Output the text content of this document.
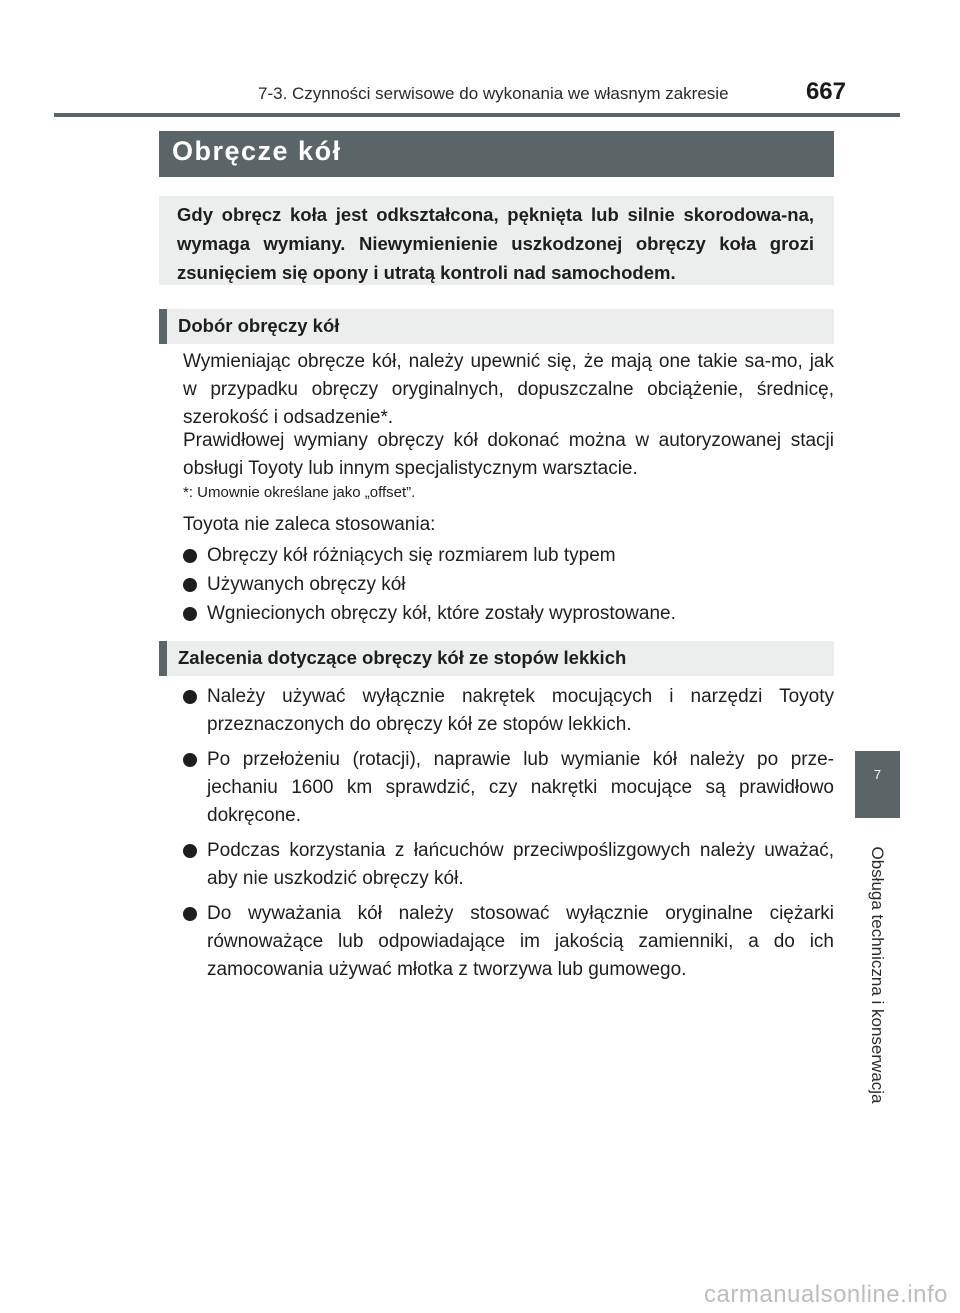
7-3. Czynności serwisowe do wykonania we własnym zakresie	667
Obręcze kół

Gdy obręcz koła jest odkształcona, pęknięta lub silnie skorodowa-na, wymaga wymiany. Niewymienienie uszkodzonej obręczy koła grozi zsunięciem się opony i utratą kontroli nad samochodem.

Dobór obręczy kół

Wymieniając obręcze kół, należy upewnić się, że mają one takie sa-mo, jak w przypadku obręczy oryginalnych, dopuszczalne obciążenie, średnicę, szerokość i odsadzenie*.

Prawidłowej wymiany obręczy kół dokonać można w autoryzowanej stacji obsługi Toyoty lub innym specjalistycznym warsztacie.

*: Umownie określane jako „offset”.
Toyota nie zaleca stosowania:
Obręczy kół różniących się rozmiarem lub typem
Używanych obręczy kół
Wgniecionych obręczy kół, które zostały wyprostowane.
Zalecenia dotyczące obręczy kół ze stopów lekkich
Należy używać wyłącznie nakrętek mocujących i narzędzi Toyoty przeznaczonych do obręczy kół ze stopów lekkich.
Po przełożeniu (rotacji), naprawie lub wymianie kół należy po prze-jechaniu 1600 km sprawdzić, czy nakrętki mocujące są prawidłowo dokręcone.
Podczas korzystania z łańcuchów przeciwpoślizgowych należy uważać, aby nie uszkodzić obręczy kół.
Do wyważania kół należy stosować wyłącznie oryginalne ciężarki równoważące lub odpowiadające im jakością zamienniki, a do ich zamocowania używać młotka z tworzywa lub gumowego.
7
Obsługa techniczna i konserwacja
carmanualsonline.info
